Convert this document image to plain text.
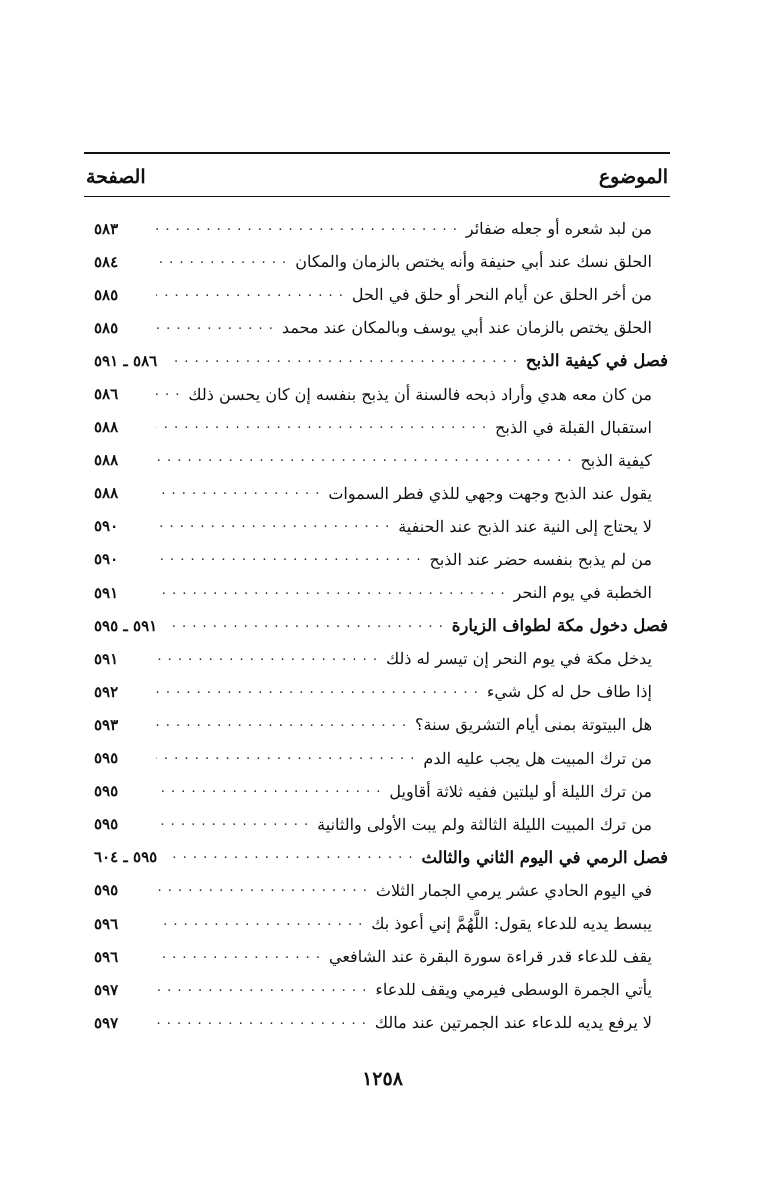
الموضوع
الصفحة
من لبد شعره أو جعله ضفائر
. . .
٥٨٣
الحلق نسك عند أبي حنيفة وأنه يختص بالزمان والمكان
. . .
٥٨٤
من أخر الحلق عن أيام النحر أو حلق في الحل
. . .
٥٨٥
الحلق يختص بالزمان عند أبي يوسف وبالمكان عند محمد
. . .
٥٨٥
فصل في كيفية الذبح
. . .
٥٨٦ ـ ٥٩١
من كان معه هدي وأراد ذبحه فالسنة أن يذبح بنفسه إن كان يحسن ذلك
. . .
٥٨٦
استقبال القبلة في الذبح
. . .
٥٨٨
كيفية الذبح
. . .
٥٨٨
يقول عند الذبح وجهت وجهي للذي فطر السموات
. . .
٥٨٨
لا يحتاج إلى النية عند الذبح عند الحنفية
. . .
٥٩٠
من لم يذبح بنفسه حضر عند الذبح
. . .
٥٩٠
الخطبة في يوم النحر
. . .
٥٩١
فصل دخول مكة لطواف الزيارة
. . .
٥٩١ ـ ٥٩٥
يدخل مكة في يوم النحر إن تيسر له ذلك
. . .
٥٩١
إذا طاف حل له كل شيء
. . .
٥٩٢
هل البيتوتة بمنى أيام التشريق سنة؟
. . .
٥٩٣
من ترك المبيت هل يجب عليه الدم
. . .
٥٩٥
من ترك الليلة أو ليلتين ففيه ثلاثة أقاويل
. . .
٥٩٥
من ترك المبيت الليلة الثالثة ولم يبت الأولى والثانية
. . .
٥٩٥
فصل الرمي في اليوم الثاني والثالث
. . .
٥٩٥ ـ ٦٠٤
في اليوم الحادي عشر يرمي الجمار الثلاث
. . .
٥٩٥
يبسط يديه للدعاء يقول: اللَّهُمَّ إني أعوذ بك
. . .
٥٩٦
يقف للدعاء قدر قراءة سورة البقرة عند الشافعي
. . .
٥٩٦
يأتي الجمرة الوسطى فيرمي ويقف للدعاء
. . .
٥٩٧
لا يرفع يديه للدعاء عند الجمرتين عند مالك
. . .
٥٩٧
١٢٥٨
